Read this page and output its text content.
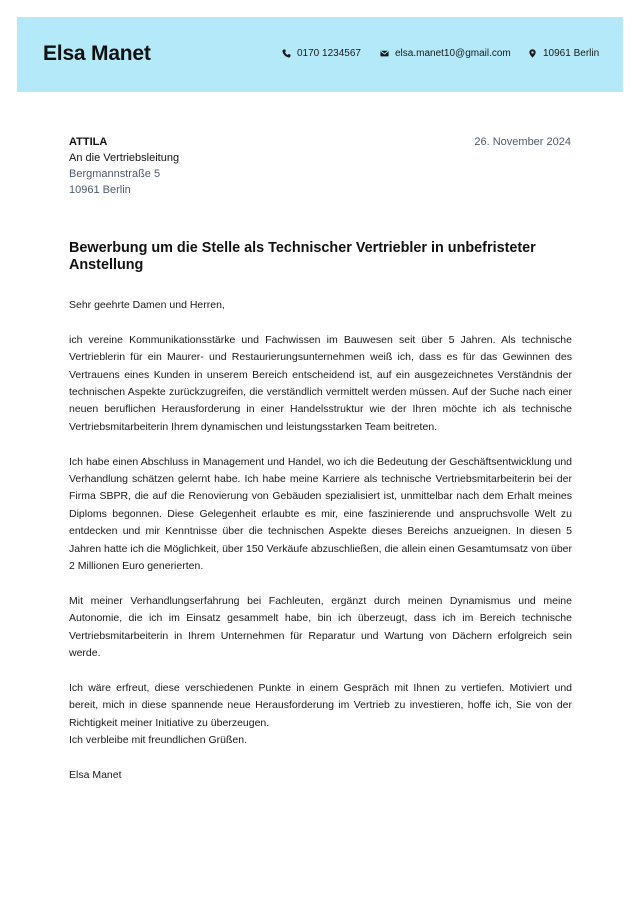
Elsa Manet	0170 1234567	elsa.manet10@gmail.com	10961 Berlin
ATTILA
An die Vertriebsleitung
Bergmannstraße 5
10961 Berlin
26. November 2024
Bewerbung um die Stelle als Technischer Vertriebler in unbefristeter Anstellung

Sehr geehrte Damen und Herren,

ich vereine Kommunikationsstärke und Fachwissen im Bauwesen seit über 5 Jahren. Als technische Vertrieblerin für ein Maurer- und Restaurierungsunternehmen weiß ich, dass es für das Gewinnen des Vertrauens eines Kunden in unserem Bereich entscheidend ist, auf ein ausgezeichnetes Verständnis der technischen Aspekte zurückzugreifen, die verständlich vermittelt werden müssen. Auf der Suche nach einer neuen beruflichen Herausforderung in einer Handelsstruktur wie der Ihren möchte ich als technische Vertriebsmitarbeiterin Ihrem dynamischen und leistungsstarken Team beitreten.

Ich habe einen Abschluss in Management und Handel, wo ich die Bedeutung der Geschäftsentwicklung und Verhandlung schätzen gelernt habe. Ich habe meine Karriere als technische Vertriebsmitarbeiterin bei der Firma SBPR, die auf die Renovierung von Gebäuden spezialisiert ist, unmittelbar nach dem Erhalt meines Diploms begonnen. Diese Gelegenheit erlaubte es mir, eine faszinierende und anspruchsvolle Welt zu entdecken und mir Kenntnisse über die technischen Aspekte dieses Bereichs anzueignen. In diesen 5 Jahren hatte ich die Möglichkeit, über 150 Verkäufe abzuschließen, die allein einen Gesamtumsatz von über 2 Millionen Euro generierten.

Mit meiner Verhandlungserfahrung bei Fachleuten, ergänzt durch meinen Dynamismus und meine Autonomie, die ich im Einsatz gesammelt habe, bin ich überzeugt, dass ich im Bereich technische Vertriebsmitarbeiterin in Ihrem Unternehmen für Reparatur und Wartung von Dächern erfolgreich sein werde.

Ich wäre erfreut, diese verschiedenen Punkte in einem Gespräch mit Ihnen zu vertiefen. Motiviert und bereit, mich in diese spannende neue Herausforderung im Vertrieb zu investieren, hoffe ich, Sie von der Richtigkeit meiner Initiative zu überzeugen.

Ich verbleibe mit freundlichen Grüßen.

Elsa Manet
